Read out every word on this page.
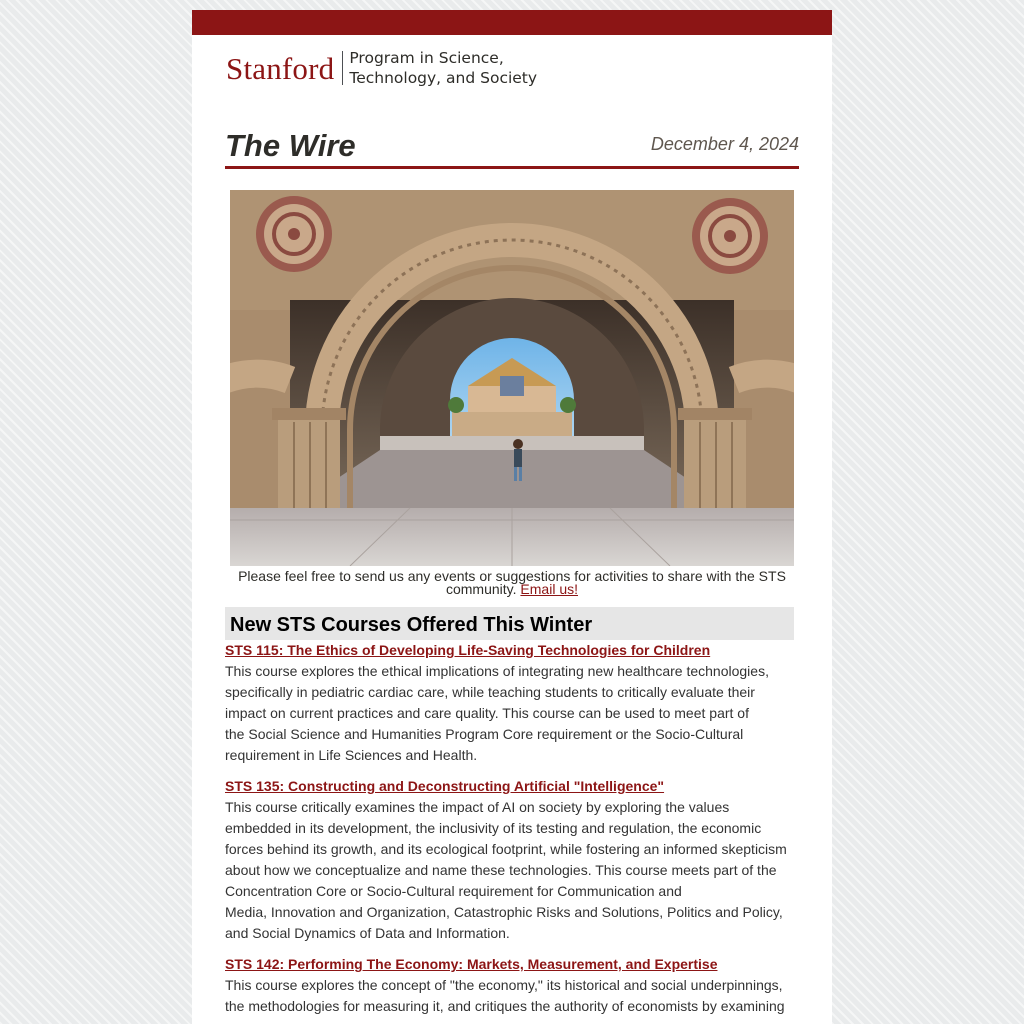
Stanford Program in Science,
Technology, and Society
The Wire	December 4, 2024
Please feel free to send us any events or suggestions for activities to share with the STS community. Email us!
New STS Courses Offered This Winter
STS 115: The Ethics of Developing Life-Saving Technologies for Children

This course explores the ethical implications of integrating new healthcare technologies,
specifically in pediatric cardiac care, while teaching students to critically evaluate their
impact on current practices and care quality. This course can be used to meet part of
the Social Science and Humanities Program Core requirement or the Socio-Cultural
requirement in Life Sciences and Health.

STS 135: Constructing and Deconstructing Artificial "Intelligence"

This course critically examines the impact of AI on society by exploring the values
embedded in its development, the inclusivity of its testing and regulation, the economic
forces behind its growth, and its ecological footprint, while fostering an informed skepticism
about how we conceptualize and name these technologies. This course meets part of the
Concentration Core or Socio-Cultural requirement for Communication and
Media, Innovation and Organization, Catastrophic Risks and Solutions, Politics and Policy,
and Social Dynamics of Data and Information.

STS 142: Performing The Economy: Markets, Measurement, and Expertise

This course explores the concept of "the economy," its historical and social underpinnings,
the methodologies for measuring it, and critiques the authority of economists by examining
